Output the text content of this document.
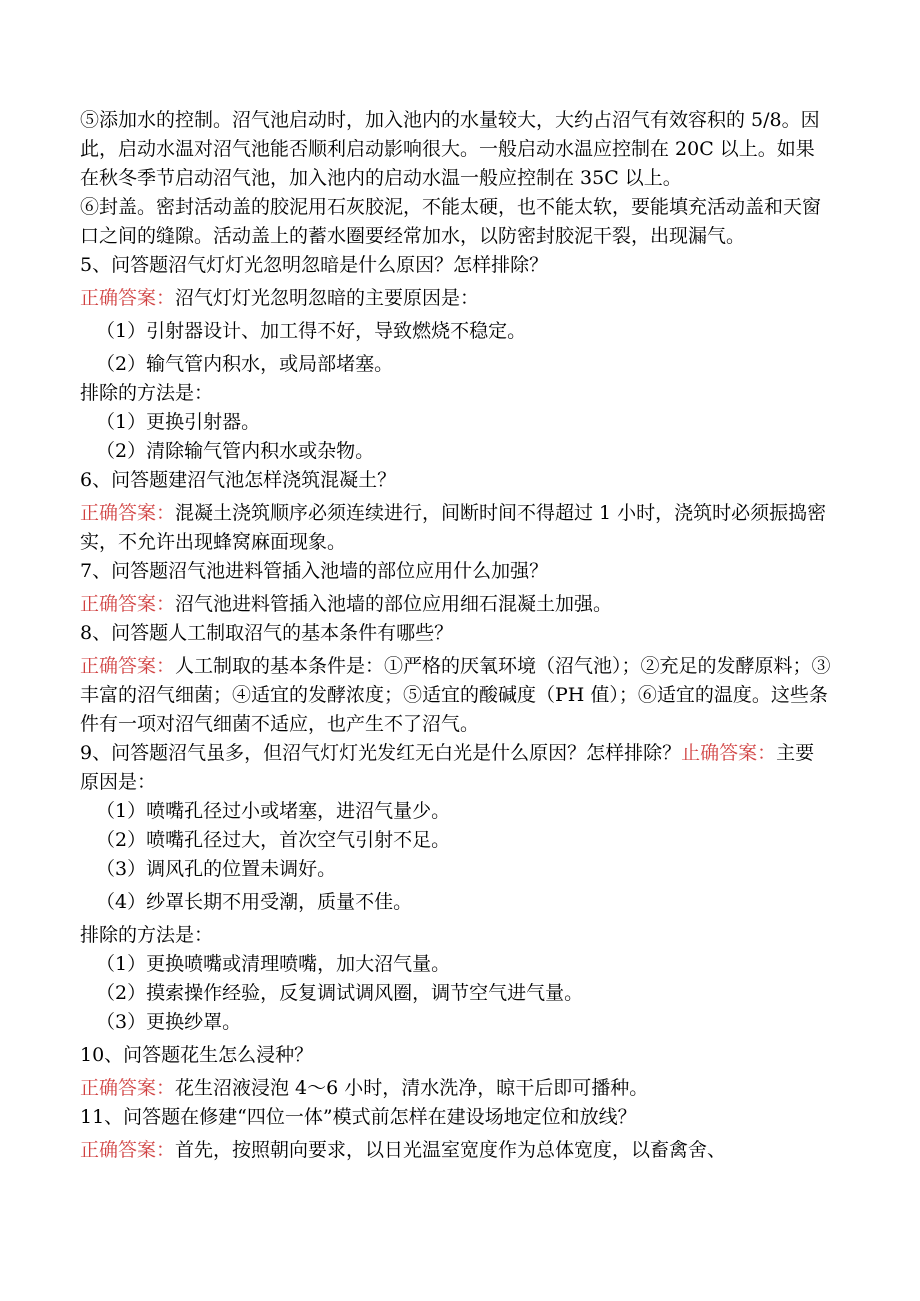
⑤添加水的控制。沼气池启动时，加入池内的水量较大，大约占沼气有效容积的 5/8。因此，启动水温对沼气池能否顺利启动影响很大。一般启动水温应控制在 20C 以上。如果在秋冬季节启动沼气池，加入池内的启动水温一般应控制在 35C 以上。

⑥封盖。密封活动盖的胶泥用石灰胶泥，不能太硬，也不能太软，要能填充活动盖和天窗口之间的缝隙。活动盖上的蓄水圈要经常加水，以防密封胶泥干裂，出现漏气。

5、问答题沼气灯灯光忽明忽暗是什么原因？怎样排除？

正确答案：沼气灯灯光忽明忽暗的主要原因是：

（1）引射器设计、加工得不好，导致燃烧不稳定。

（2）输气管内积水，或局部堵塞。

排除的方法是：

（1）更换引射器。

（2）清除输气管内积水或杂物。

6、问答题建沼气池怎样浇筑混凝土？

正确答案：混凝土浇筑顺序必须连续进行，间断时间不得超过 1 小时，浇筑时必须振捣密实，不允许出现蜂窝麻面现象。

7、问答题沼气池进料管插入池墙的部位应用什么加强？

正确答案：沼气池进料管插入池墙的部位应用细石混凝土加强。

8、问答题人工制取沼气的基本条件有哪些？

正确答案：人工制取的基本条件是：①严格的厌氧环境（沼气池）；②充足的发酵原料；③丰富的沼气细菌；④适宜的发酵浓度；⑤适宜的酸碱度（PH 值）；⑥适宜的温度。这些条件有一项对沼气细菌不适应，也产生不了沼气。

9、问答题沼气虽多，但沼气灯灯光发红无白光是什么原因？怎样排除？止确答案：主要原因是：

（1）喷嘴孔径过小或堵塞，进沼气量少。

（2）喷嘴孔径过大，首次空气引射不足。

（3）调风孔的位置未调好。

（4）纱罩长期不用受潮，质量不佳。

排除的方法是：

（1）更换喷嘴或清理喷嘴，加大沼气量。

（2）摸索操作经验，反复调试调风圈，调节空气进气量。

（3）更换纱罩。

10、问答题花生怎么浸种？

正确答案：花生沼液浸泡 4～6 小时，清水洗净，晾干后即可播种。

11、问答题在修建“四位一体”模式前怎样在建设场地定位和放线？

正确答案：首先，按照朝向要求，以日光温室宽度作为总体宽度，以畜禽舍、
